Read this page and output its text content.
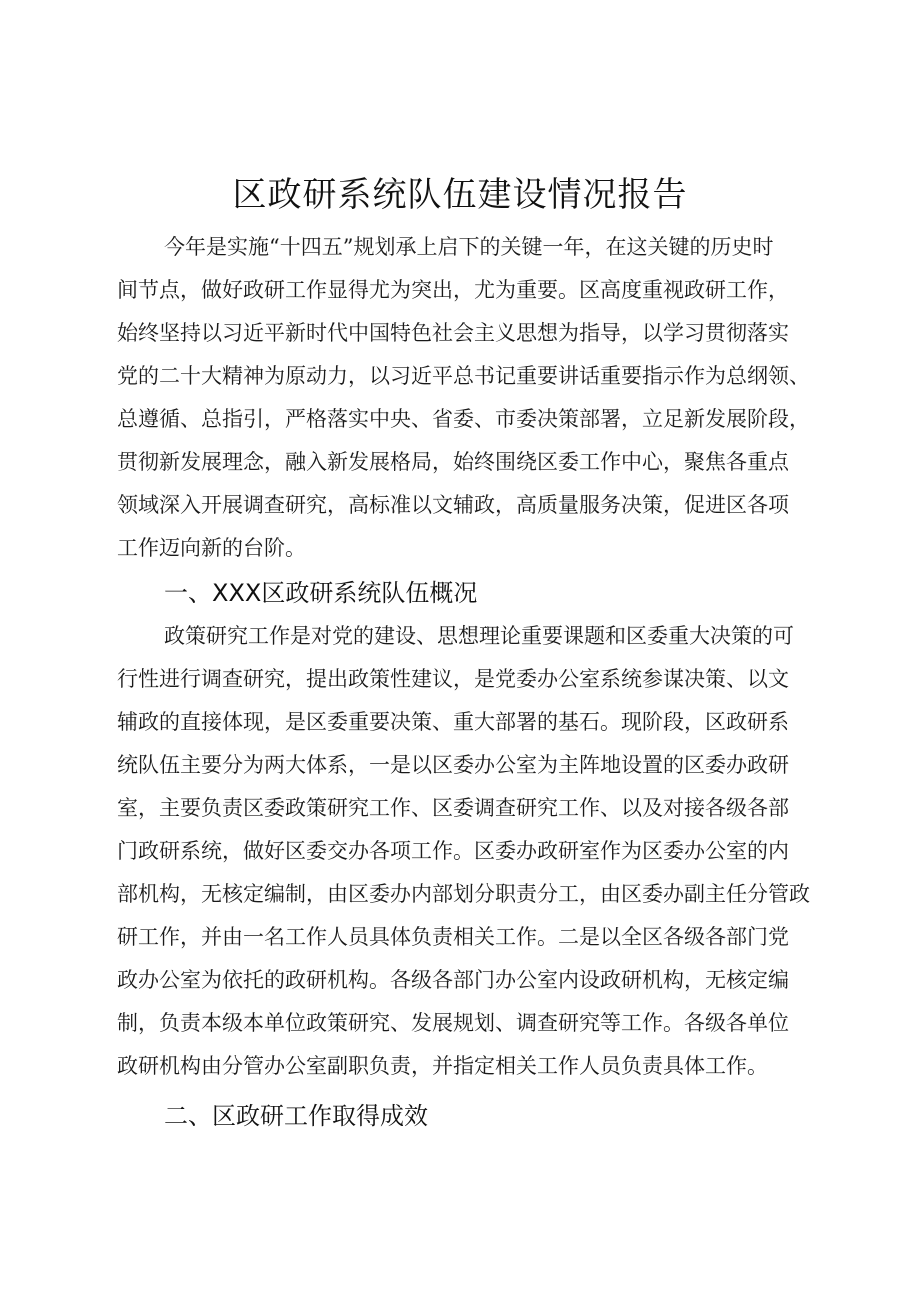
区政研系统队伍建设情况报告
今年是实施“十四五”规划承上启下的关键一年，在这关键的历史时
间节点，做好政研工作显得尤为突出，尤为重要。区高度重视政研工作，
始终坚持以习近平新时代中国特色社会主义思想为指导，以学习贯彻落实
党的二十大精神为原动力，以习近平总书记重要讲话重要指示作为总纲领、
总遵循、总指引，严格落实中央、省委、市委决策部署，立足新发展阶段，
贯彻新发展理念，融入新发展格局，始终围绕区委工作中心，聚焦各重点
领域深入开展调查研究，高标准以文辅政，高质量服务决策，促进区各项
工作迈向新的台阶。
一、XXX区政研系统队伍概况
政策研究工作是对党的建设、思想理论重要课题和区委重大决策的可
行性进行调查研究，提出政策性建议，是党委办公室系统参谋决策、以文
辅政的直接体现，是区委重要决策、重大部署的基石。现阶段，区政研系
统队伍主要分为两大体系，一是以区委办公室为主阵地设置的区委办政研
室，主要负责区委政策研究工作、区委调查研究工作、以及对接各级各部
门政研系统，做好区委交办各项工作。区委办政研室作为区委办公室的内
部机构，无核定编制，由区委办内部划分职责分工，由区委办副主任分管政
研工作，并由一名工作人员具体负责相关工作。二是以全区各级各部门党
政办公室为依托的政研机构。各级各部门办公室内设政研机构，无核定编
制，负责本级本单位政策研究、发展规划、调查研究等工作。各级各单位
政研机构由分管办公室副职负责，并指定相关工作人员负责具体工作。
二、区政研工作取得成效
